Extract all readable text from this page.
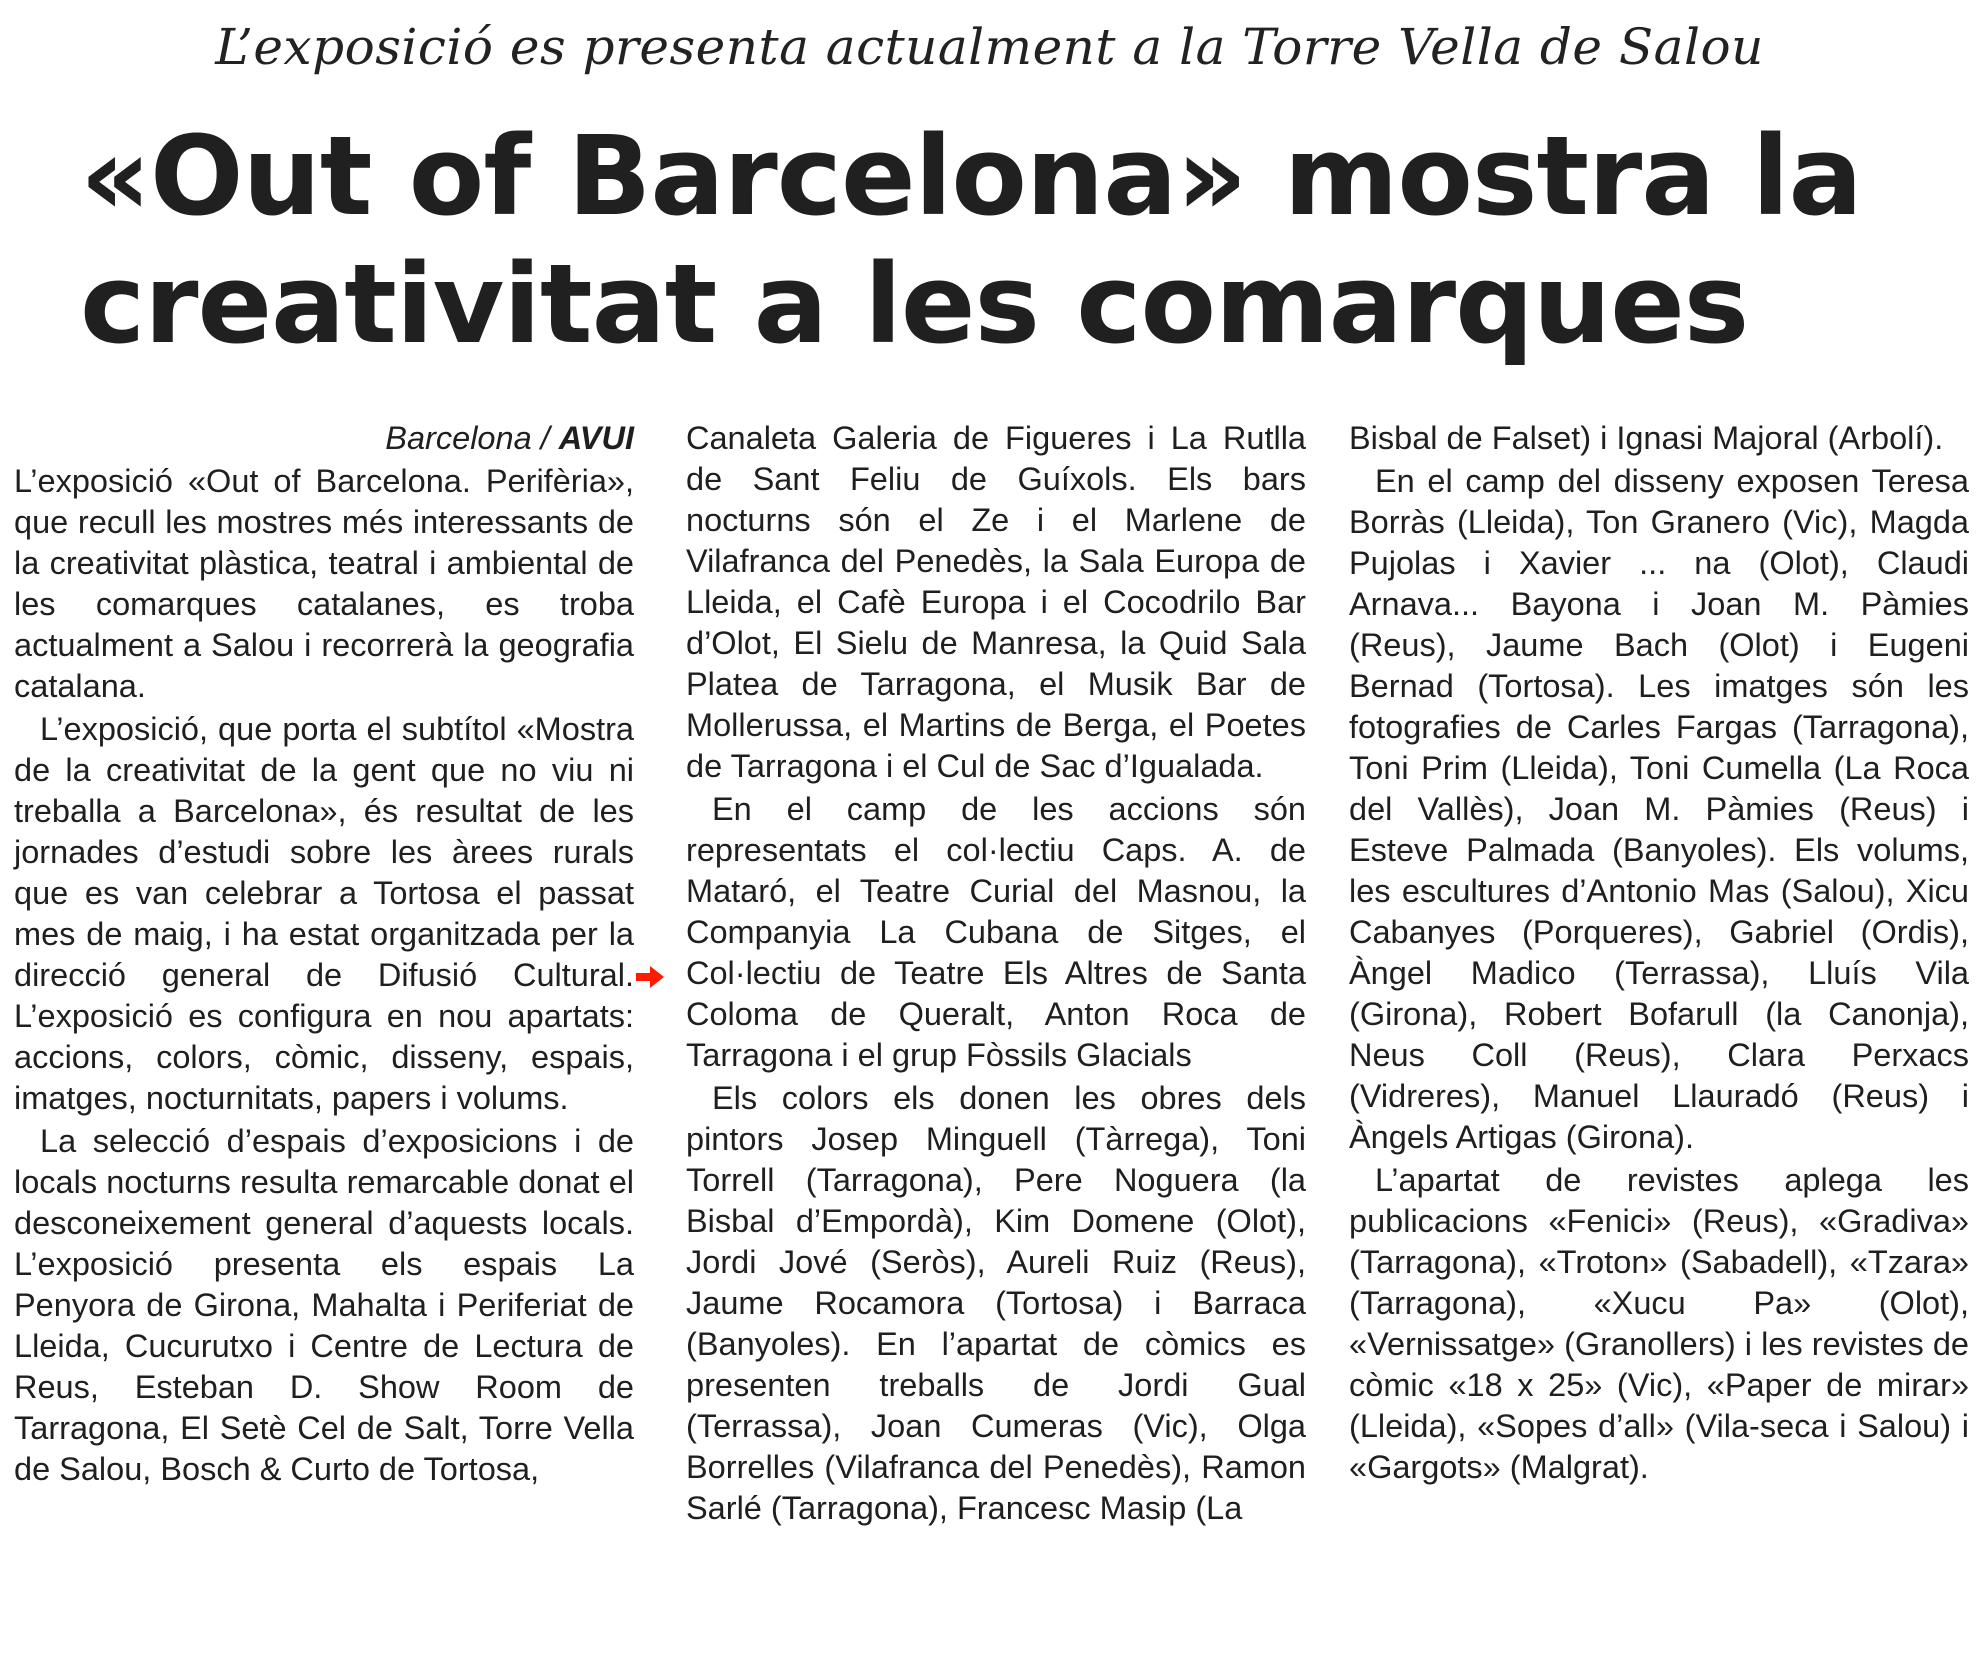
L’exposició es presenta actualment a la Torre Vella de Salou
«Out of Barcelona» mostra la creativitat a les comarques

Barcelona / AVUI

L’exposició «Out of Barcelona. Perifèria», que recull les mostres més interessants de la creativitat plàstica, teatral i ambiental de les comarques catalanes, es troba actualment a Salou i recorrerà la geografia catalana.

L’exposició, que porta el subtítol «Mostra de la creativitat de la gent que no viu ni treballa a Barcelona», és resultat de les jornades d’estudi sobre les àrees rurals que es van celebrar a Tortosa el passat mes de maig, i ha estat organitzada per la direcció general de Difusió Cultural. L’exposició es configura en nou apartats: accions, colors, còmic, disseny, espais, imatges, nocturnitats, papers i volums.

La selecció d’espais d’exposicions i de locals nocturns resulta remarcable donat el desconeixement general d’aquests locals. L’exposició presenta els espais La Penyora de Girona, Mahalta i Periferiat de Lleida, Cucurutxo i Centre de Lectura de Reus, Esteban D. Show Room de Tarragona, El Setè Cel de Salt, Torre Vella de Salou, Bosch & Curto de Tortosa,

Canaleta Galeria de Figueres i La Rutlla de Sant Feliu de Guíxols. Els bars nocturns són el Ze i el Marlene de Vilafranca del Penedès, la Sala Europa de Lleida, el Cafè Europa i el Cocodrilo Bar d’Olot, El Sielu de Manresa, la Quid Sala Platea de Tarragona, el Musik Bar de Mollerussa, el Martins de Berga, el Poetes de Tarragona i el Cul de Sac d’Igualada.

En el camp de les accions són representats el col·lectiu Caps. A. de Mataró, el Teatre Curial del Masnou, la Companyia La Cubana de Sitges, el Col·lectiu de Teatre Els Altres de Santa Coloma de Queralt, Anton Roca de Tarragona i el grup Fòssils Glacials

Els colors els donen les obres dels pintors Josep Minguell (Tàrrega), Toni Torrell (Tarragona), Pere Noguera (la Bisbal d’Empordà), Kim Domene (Olot), Jordi Jové (Seròs), Aureli Ruiz (Reus), Jaume Rocamora (Tortosa) i Barraca (Banyoles). En l’apartat de còmics es presenten treballs de Jordi Gual (Terrassa), Joan Cumeras (Vic), Olga Borrelles (Vilafranca del Penedès), Ramon Sarlé (Tarragona), Francesc Masip (La

Bisbal de Falset) i Ignasi Majoral (Arbolí).

En el camp del disseny exposen Teresa Borràs (Lleida), Ton Granero (Vic), Magda Pujolas i Xavier ... na (Olot), Claudi Arnava... Bayona i Joan M. Pàmies (Reus), Jaume Bach (Olot) i Eugeni Bernad (Tortosa). Les imatges són les fotografies de Carles Fargas (Tarragona), Toni Prim (Lleida), Toni Cumella (La Roca del Vallès), Joan M. Pàmies (Reus) i Esteve Palmada (Banyoles). Els volums, les escultures d’Antonio Mas (Salou), Xicu Cabanyes (Porqueres), Gabriel (Ordis), Àngel Madico (Terrassa), Lluís Vila (Girona), Robert Bofarull (la Canonja), Neus Coll (Reus), Clara Perxacs (Vidreres), Manuel Llauradó (Reus) i Àngels Artigas (Girona).

L’apartat de revistes aplega les publicacions «Fenici» (Reus), «Gradiva» (Tarragona), «Troton» (Sabadell), «Tzara» (Tarragona), «Xucu Pa» (Olot), «Vernissatge» (Granollers) i les revistes de còmic «18 x 25» (Vic), «Paper de mirar» (Lleida), «Sopes d’all» (Vila-seca i Salou) i «Gargots» (Malgrat).
